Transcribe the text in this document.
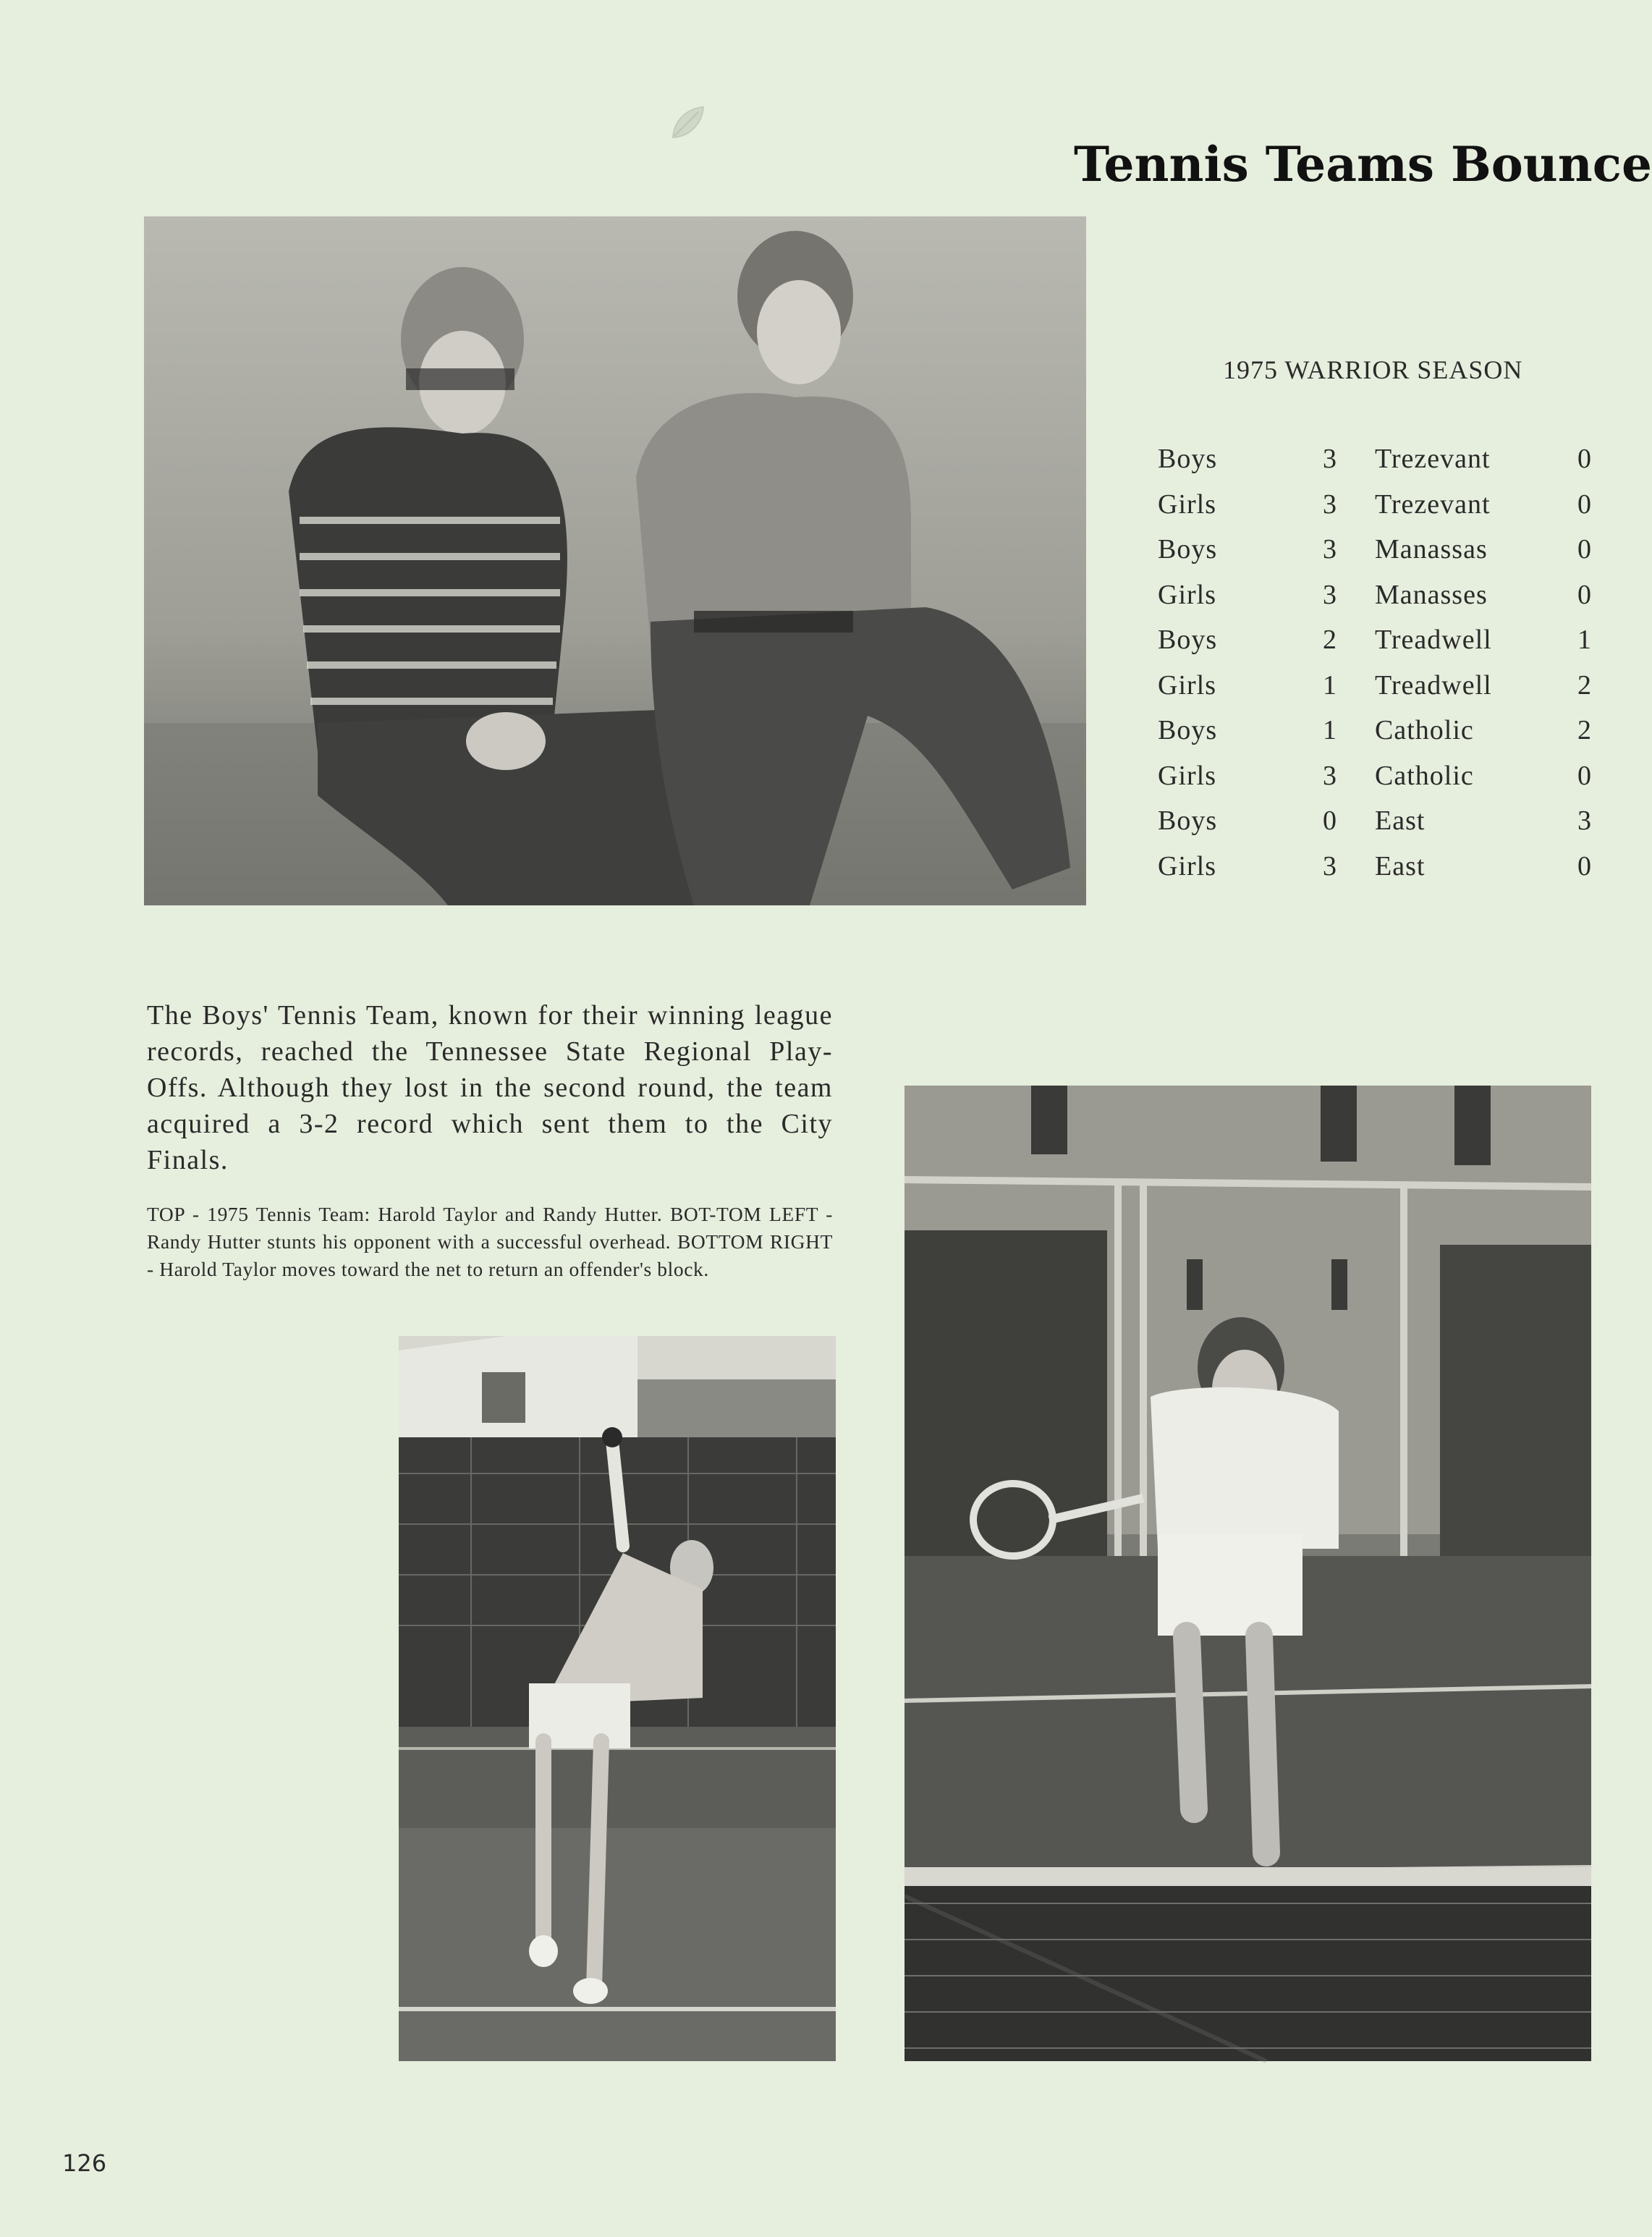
Tennis Teams Bounce
1975 WARRIOR SEASON
Boys	3 Trezevant	0
Girls	3 Trezevant	0
Boys	3 Manassas	0
Girls	3 Manasses	0
Boys	2 Treadwell	1
Girls	1 Treadwell	2
Boys	1 Catholic	2
Girls	3 Catholic	0
Boys	0 East	3
Girls	3 East	0

The Boys' Tennis Team, known for their winning league records, reached the Tennessee State Regional Play-Offs. Although they lost in the second round, the team acquired a 3-2 record which sent them to the City Finals.

TOP - 1975 Tennis Team: Harold Taylor and Randy Hutter. BOT-TOM LEFT - Randy Hutter stunts his opponent with a successful overhead. BOTTOM RIGHT - Harold Taylor moves toward the net to return an offender's block.

126
